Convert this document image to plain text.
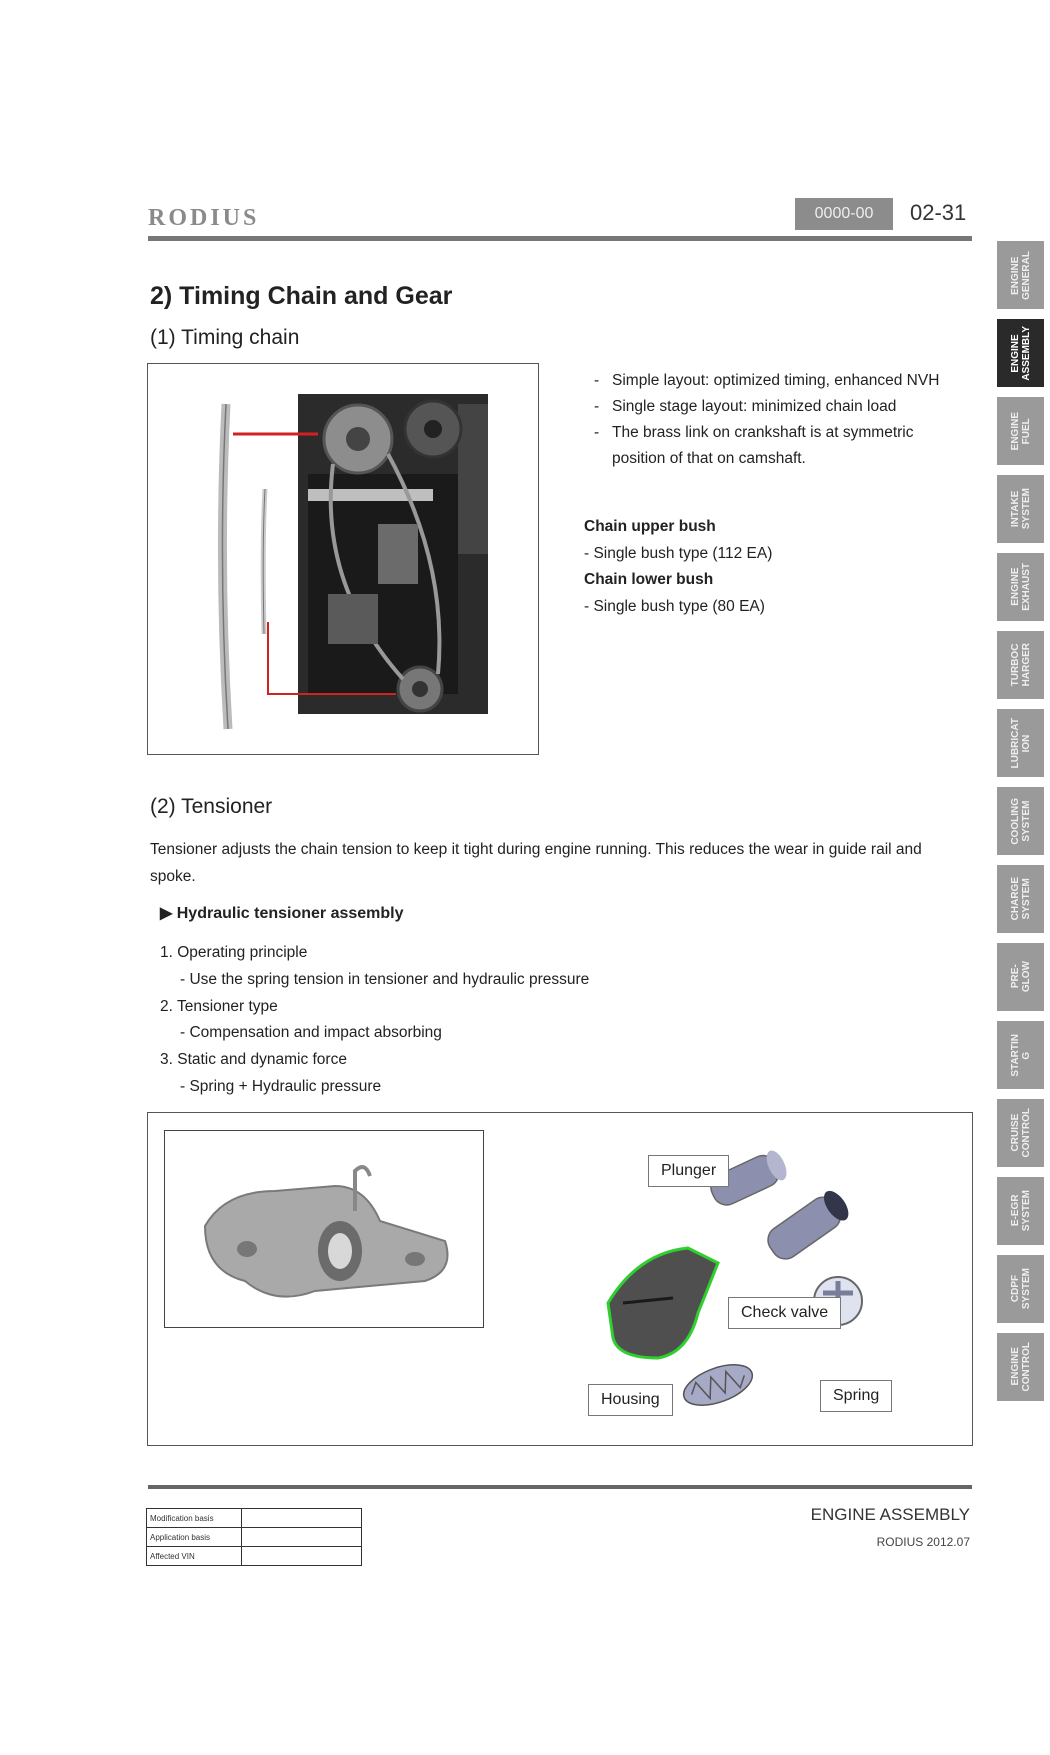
RODIUS	0000-00	02-31
2) Timing Chain and Gear
(1) Timing chain
- Simple layout: optimized timing, enhanced NVH
- Single stage layout: minimized chain load
- The brass link on crankshaft is at symmetric position of that on camshaft.
Chain upper bush
- Single bush type (112 EA)
Chain lower bush
- Single bush type (80 EA)
(2) Tensioner
Tensioner adjusts the chain tension to keep it tight during engine running. This reduces the wear in guide rail and spoke.
▶ Hydraulic tensioner assembly
1. Operating principle
- Use the spring tension in tensioner and hydraulic pressure
2. Tensioner type
- Compensation and impact absorbing
3. Static and dynamic force
- Spring + Hydraulic pressure
Plunger
Check valve
Housing	Spring
Modification basis	
Application basis	
Affected VIN	
ENGINE ASSEMBLY
RODIUS 2012.07
ENGINE
GENERAL
ENGINE
ASSEMBLY
ENGINE
FUEL
INTAKE
SYSTEM
ENGINE
EXHAUST
TURBOC
HARGER
LUBRICAT
ION
COOLING
SYSTEM
CHARGE
SYSTEM
PRE-
GLOW
STARTIN
G
CRUISE
CONTROL
E-EGR
SYSTEM
CDPF
SYSTEM
ENGINE
CONTROL
